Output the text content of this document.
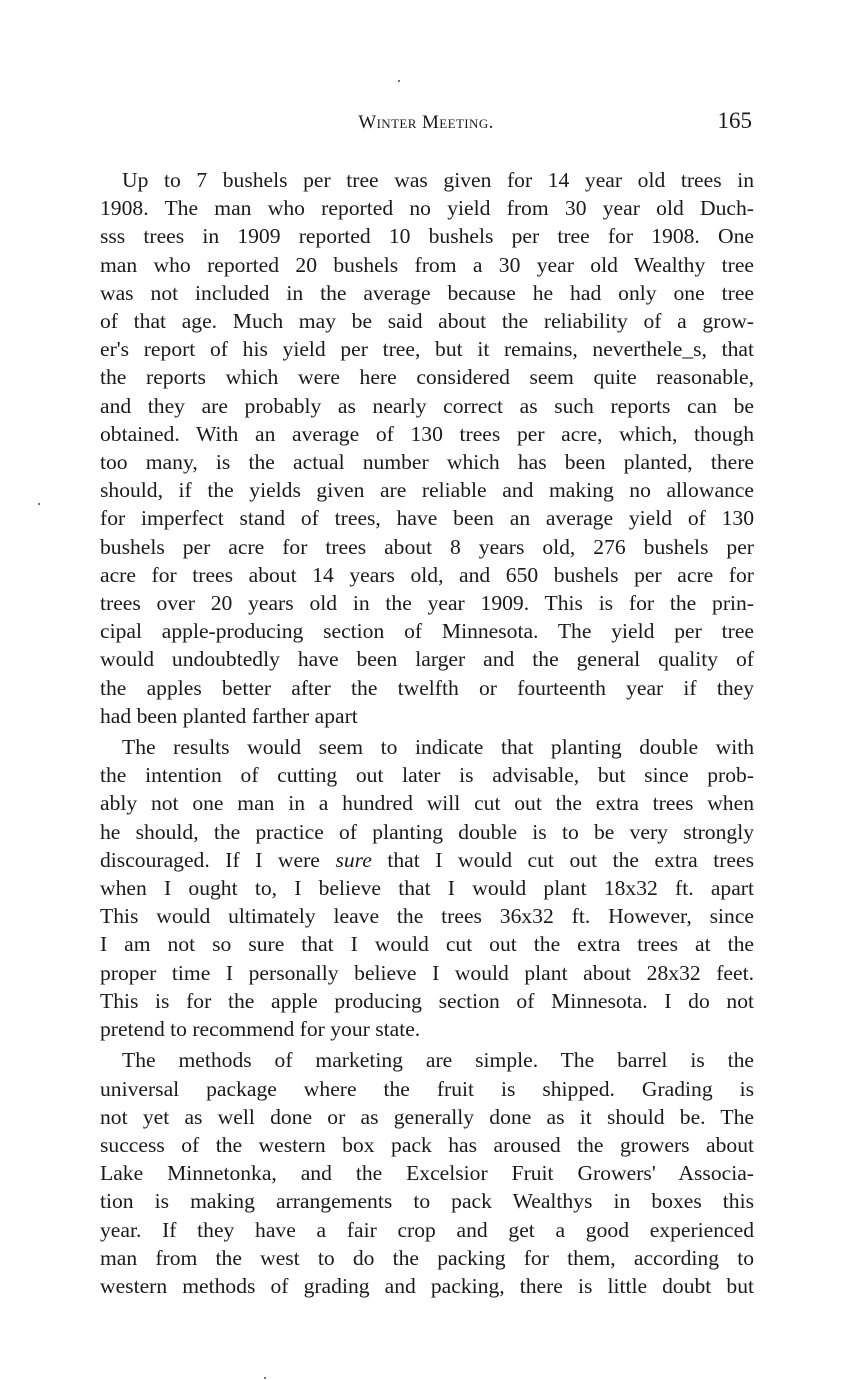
Winter Meeting.	165

Up to 7 bushels per tree was given for 14 year old trees in
1908. The man who reported no yield from 30 year old Duch-
sss trees in 1909 reported 10 bushels per tree for 1908. One
man who reported 20 bushels from a 30 year old Wealthy tree
was not included in the average because he had only one tree
of that age. Much may be said about the reliability of a grow-
er's report of his yield per tree, but it remains, neverthele_s, that
the reports which were here considered seem quite reasonable,
and they are probably as nearly correct as such reports can be
obtained. With an average of 130 trees per acre, which, though
too many, is the actual number which has been planted, there
should, if the yields given are reliable and making no allowance
for imperfect stand of trees, have been an average yield of 130
bushels per acre for trees about 8 years old, 276 bushels per
acre for trees about 14 years old, and 650 bushels per acre for
trees over 20 years old in the year 1909. This is for the prin-
cipal apple-producing section of Minnesota. The yield per tree
would undoubtedly have been larger and the general quality of
the apples better after the twelfth or fourteenth year if they
had been planted farther apart

The results would seem to indicate that planting double with
the intention of cutting out later is advisable, but since prob-
ably not one man in a hundred will cut out the extra trees when
he should, the practice of planting double is to be very strongly
discouraged. If I were sure that I would cut out the extra trees
when I ought to, I believe that I would plant 18x32 ft. apart
This would ultimately leave the trees 36x32 ft. However, since
I am not so sure that I would cut out the extra trees at the
proper time I personally believe I would plant about 28x32 feet.
This is for the apple producing section of Minnesota. I do not
pretend to recommend for your state.

The methods of marketing are simple. The barrel is the
universal package where the fruit is shipped. Grading is
not yet as well done or as generally done as it should be. The
success of the western box pack has aroused the growers about
Lake Minnetonka, and the Excelsior Fruit Growers' Associa-
tion is making arrangements to pack Wealthys in boxes this
year. If they have a fair crop and get a good experienced
man from the west to do the packing for them, according to
western methods of grading and packing, there is little doubt but
